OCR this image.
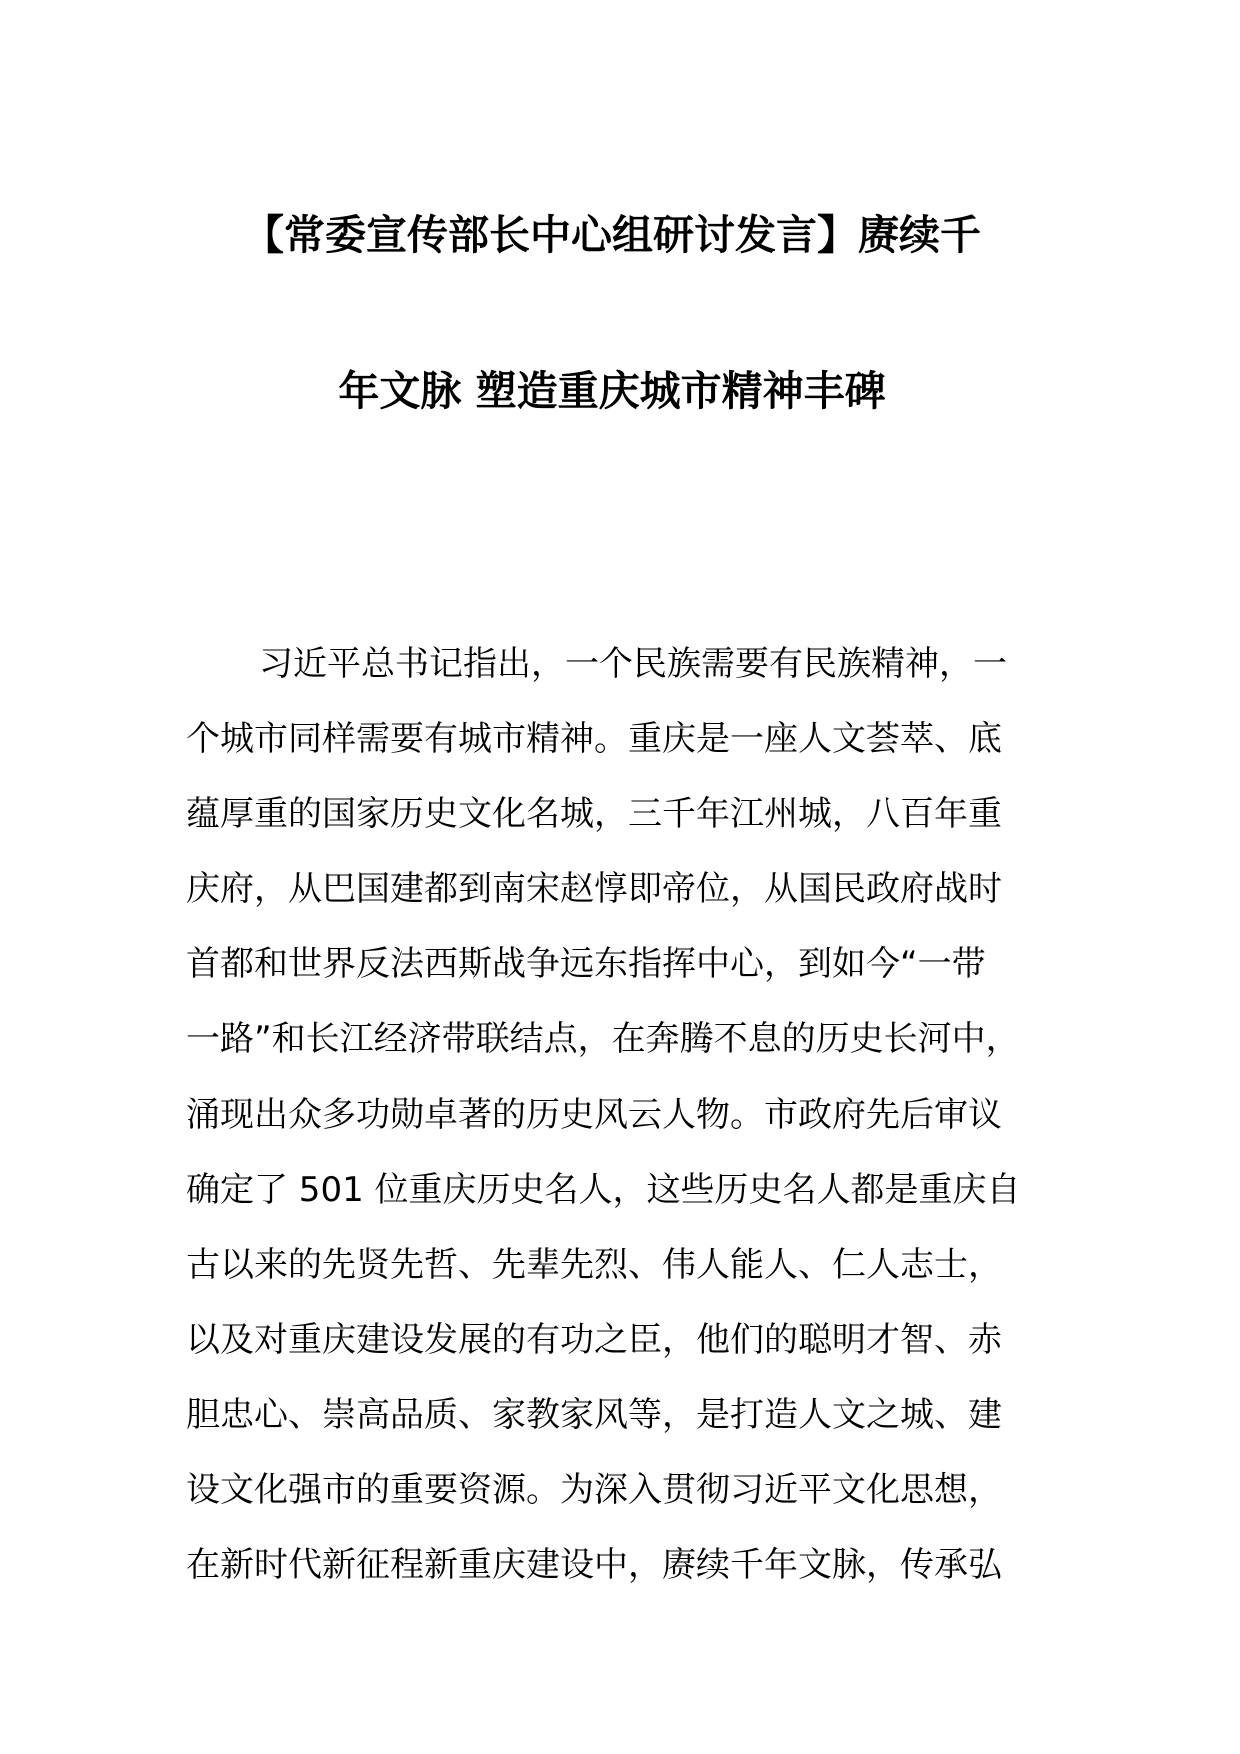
【常委宣传部长中心组研讨发言】赓续千
年文脉 塑造重庆城市精神丰碑
习近平总书记指出，一个民族需要有民族精神，一
个城市同样需要有城市精神。重庆是一座人文荟萃、底
蕴厚重的国家历史文化名城，三千年江州城，八百年重
庆府，从巴国建都到南宋赵惇即帝位，从国民政府战时
首都和世界反法西斯战争远东指挥中心，到如今“一带
一路”和长江经济带联结点，在奔腾不息的历史长河中，
涌现出众多功勋卓著的历史风云人物。市政府先后审议
确定了 501 位重庆历史名人，这些历史名人都是重庆自
古以来的先贤先哲、先辈先烈、伟人能人、仁人志士，
以及对重庆建设发展的有功之臣，他们的聪明才智、赤
胆忠心、崇高品质、家教家风等，是打造人文之城、建
设文化强市的重要资源。为深入贯彻习近平文化思想，
在新时代新征程新重庆建设中，赓续千年文脉，传承弘
